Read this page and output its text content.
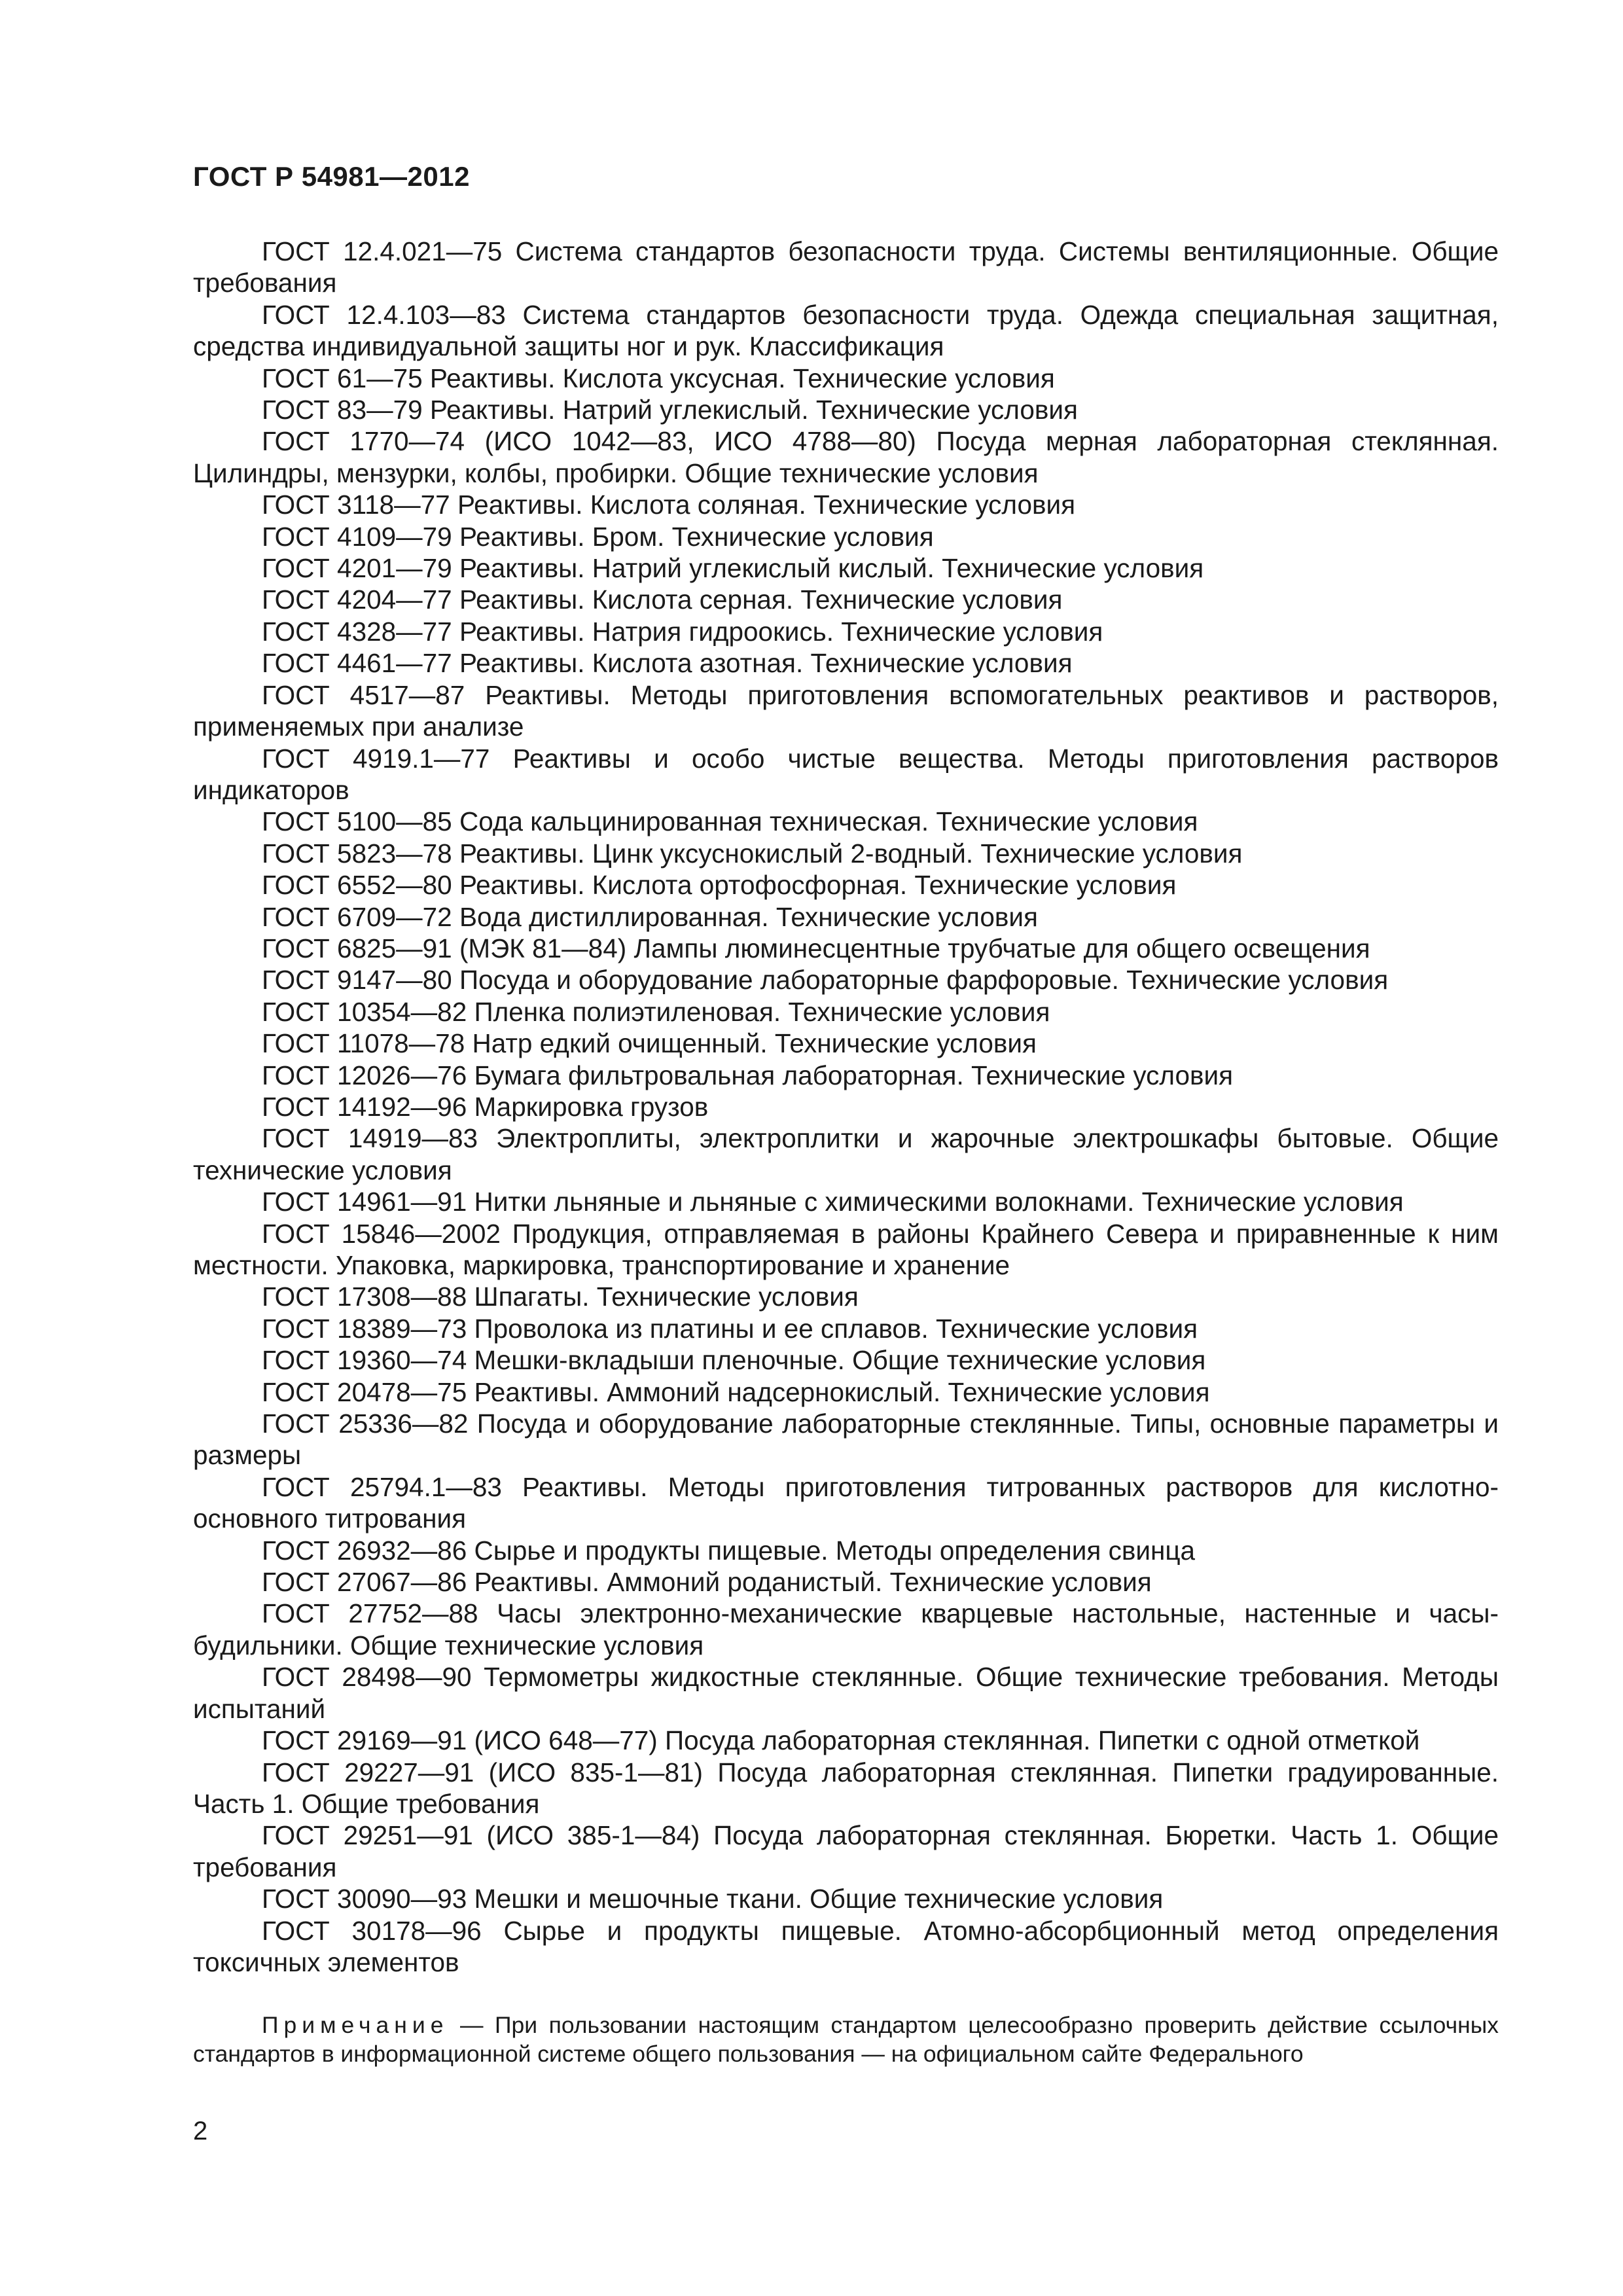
ГОСТ Р 54981—2012
ГОСТ 12.4.021—75 Система стандартов безопасности труда. Системы вентиляционные. Общие требования
ГОСТ 12.4.103—83 Система стандартов безопасности труда. Одежда специальная защитная, средства индивидуальной защиты ног и рук. Классификация
ГОСТ 61—75 Реактивы. Кислота уксусная. Технические условия
ГОСТ 83—79 Реактивы. Натрий углекислый. Технические условия
ГОСТ 1770—74 (ИСО 1042—83, ИСО 4788—80) Посуда мерная лабораторная стеклянная. Цилиндры, мензурки, колбы, пробирки. Общие технические условия
ГОСТ 3118—77 Реактивы. Кислота соляная. Технические условия
ГОСТ 4109—79 Реактивы. Бром. Технические условия
ГОСТ 4201—79 Реактивы. Натрий углекислый кислый. Технические условия
ГОСТ 4204—77 Реактивы. Кислота серная. Технические условия
ГОСТ 4328—77 Реактивы. Натрия гидроокись. Технические условия
ГОСТ 4461—77 Реактивы. Кислота азотная. Технические условия
ГОСТ 4517—87 Реактивы. Методы приготовления вспомогательных реактивов и растворов, применяемых при анализе
ГОСТ 4919.1—77 Реактивы и особо чистые вещества. Методы приготовления растворов индикаторов
ГОСТ 5100—85 Сода кальцинированная техническая. Технические условия
ГОСТ 5823—78 Реактивы. Цинк уксуснокислый 2-водный. Технические условия
ГОСТ 6552—80 Реактивы. Кислота ортофосфорная. Технические условия
ГОСТ 6709—72 Вода дистиллированная. Технические условия
ГОСТ 6825—91 (МЭК 81—84) Лампы люминесцентные трубчатые для общего освещения
ГОСТ 9147—80 Посуда и оборудование лабораторные фарфоровые. Технические условия
ГОСТ 10354—82 Пленка полиэтиленовая. Технические условия
ГОСТ 11078—78 Натр едкий очищенный. Технические условия
ГОСТ 12026—76 Бумага фильтровальная лабораторная. Технические условия
ГОСТ 14192—96 Маркировка грузов
ГОСТ 14919—83 Электроплиты, электроплитки и жарочные электрошкафы бытовые. Общие технические условия
ГОСТ 14961—91 Нитки льняные и льняные с химическими волокнами. Технические условия
ГОСТ 15846—2002 Продукция, отправляемая в районы Крайнего Севера и приравненные к ним местности. Упаковка, маркировка, транспортирование и хранение
ГОСТ 17308—88 Шпагаты. Технические условия
ГОСТ 18389—73 Проволока из платины и ее сплавов. Технические условия
ГОСТ 19360—74 Мешки-вкладыши пленочные. Общие технические условия
ГОСТ 20478—75 Реактивы. Аммоний надсернокислый. Технические условия
ГОСТ 25336—82 Посуда и оборудование лабораторные стеклянные. Типы, основные параметры и размеры
ГОСТ 25794.1—83 Реактивы. Методы приготовления титрованных растворов для кислотно-основного титрования
ГОСТ 26932—86 Сырье и продукты пищевые. Методы определения свинца
ГОСТ 27067—86 Реактивы. Аммоний роданистый. Технические условия
ГОСТ 27752—88 Часы электронно-механические кварцевые настольные, настенные и часы-будильники. Общие технические условия
ГОСТ 28498—90 Термометры жидкостные стеклянные. Общие технические требования. Методы испытаний
ГОСТ 29169—91 (ИСО 648—77) Посуда лабораторная стеклянная. Пипетки с одной отметкой
ГОСТ 29227—91 (ИСО 835-1—81) Посуда лабораторная стеклянная. Пипетки градуированные. Часть 1. Общие требования
ГОСТ 29251—91 (ИСО 385-1—84) Посуда лабораторная стеклянная. Бюретки. Часть 1. Общие требования
ГОСТ 30090—93 Мешки и мешочные ткани. Общие технические условия
ГОСТ 30178—96 Сырье и продукты пищевые. Атомно-абсорбционный метод определения токсичных элементов

Примечание — При пользовании настоящим стандартом целесообразно проверить действие ссылочных стандартов в информационной системе общего пользования — на официальном сайте Федерального

2
